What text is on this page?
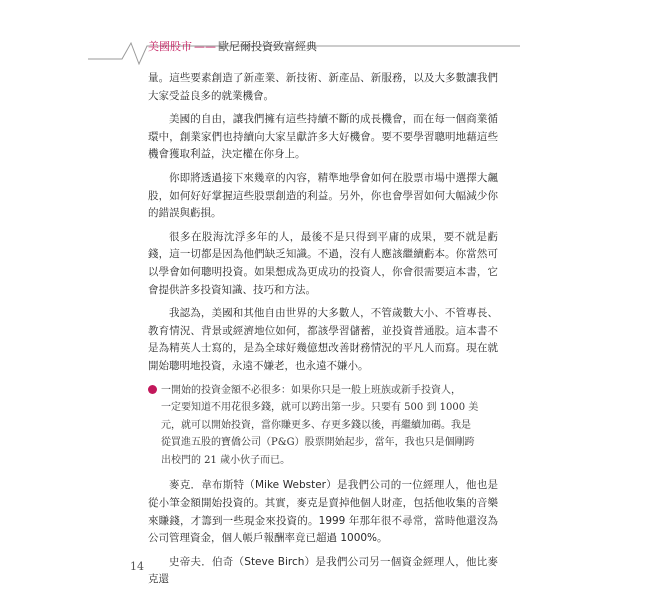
美國股市 —— 歐尼爾投資致富經典

量。這些要素創造了新產業、新技術、新產品、新服務，以及大多數讓我們大家受益良多的就業機會。

美國的自由，讓我們擁有這些持續不斷的成長機會，而在每一個商業循環中，創業家們也持續向大家呈獻許多大好機會。要不要學習聰明地藉這些機會獲取利益，決定權在你身上。

你即將透過接下來幾章的內容，精準地學會如何在股票市場中選擇大飆股，如何好好掌握這些股票創造的利益。另外，你也會學習如何大幅減少你的錯誤與虧損。

很多在股海沈浮多年的人，最後不是只得到平庸的成果，要不就是虧錢，這一切都是因為他們缺乏知識。不過，沒有人應該繼續虧本。你當然可以學會如何聰明投資。如果想成為更成功的投資人，你會很需要這本書，它會提供許多投資知識、技巧和方法。

我認為，美國和其他自由世界的大多數人，不管歲數大小、不管專長、教育情況、背景或經濟地位如何，都該學習儲蓄，並投資普通股。這本書不是為精英人士寫的，是為全球好幾億想改善財務情況的平凡人而寫。現在就開始聰明地投資，永遠不嫌老，也永遠不嫌小。

一開始的投資金額不必很多：如果你只是一般上班族或新手投資人，
一定要知道不用花很多錢，就可以跨出第一步。只要有 500 到 1000 美
元，就可以開始投資，當你賺更多、存更多錢以後，再繼續加碼。我是
從買進五股的寶僑公司（P&G）股票開始起步，當年，我也只是個剛跨
出校門的 21 歲小伙子而已。

麥克．韋布斯特（Mike Webster）是我們公司的一位經理人，他也是從小筆金額開始投資的。其實，麥克是賣掉他個人財產，包括他收集的音樂來賺錢，才籌到一些現金來投資的。1999 年那年很不尋常，當時他還沒為公司管理資金，個人帳戶報酬率竟已超過 1000%。

史帝夫．伯奇（Steve Birch）是我們公司另一個資金經理人，他比麥克還

14
